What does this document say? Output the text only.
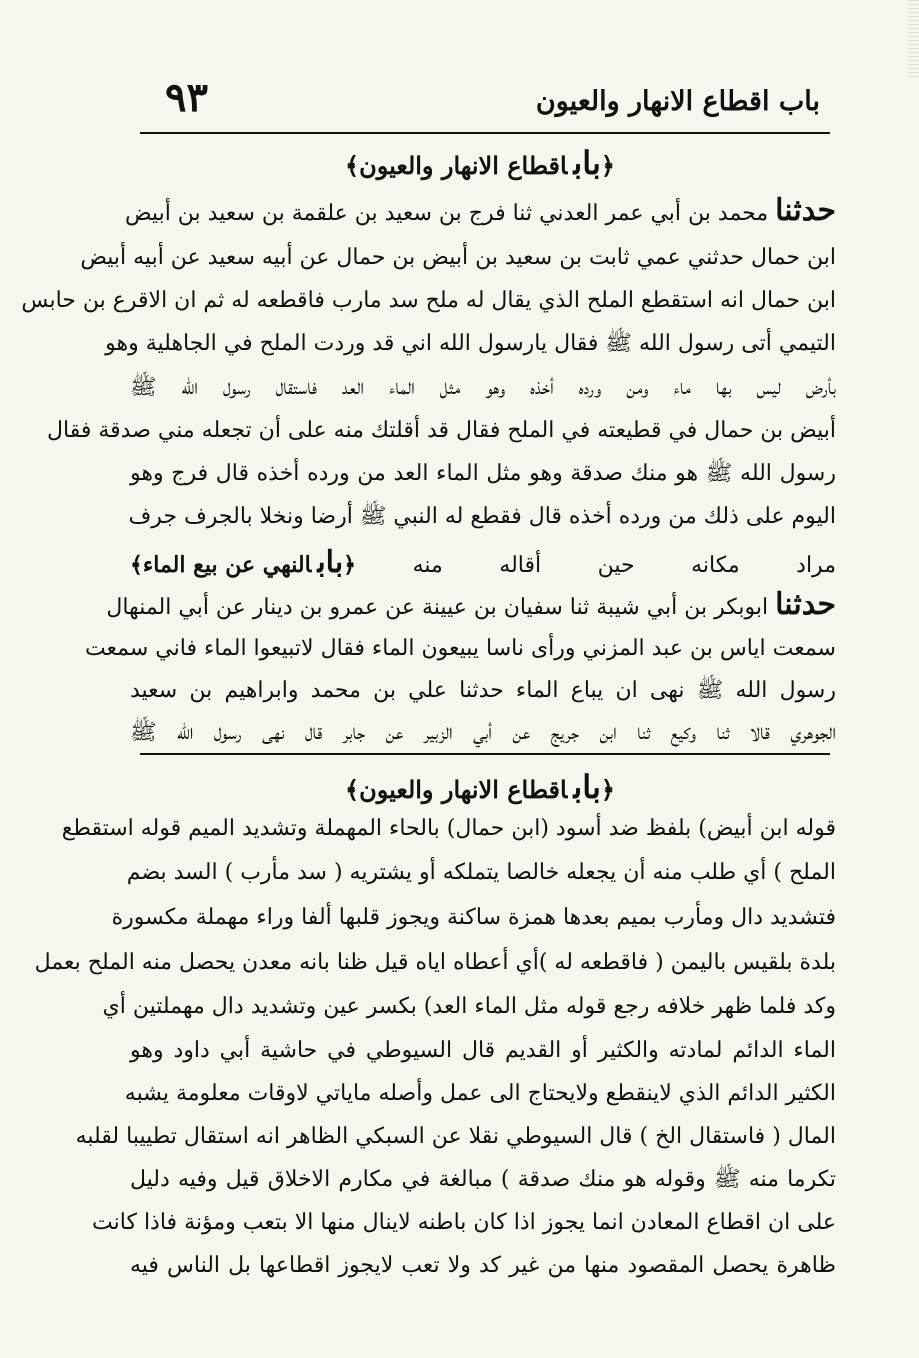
٩٣	باب اقطاع الانهار والعيون
﴿باباقطاع الانهار والعيون﴾
حدثنا محمد بن أبي عمر العدني ثنا فرج بن سعيد بن علقمة بن سعيد بن أبيض
ابن حمال حدثني عمي ثابت بن سعيد بن أبيض بن حمال عن أبيه سعيد عن أبيه أبيض
ابن حمال انه استقطع الملح الذي يقال له ملح سد مارب فاقطعه له ثم ان الاقرع بن حابس
التيمي أتى رسول الله ﷺ فقال يارسول الله اني قد وردت الملح في الجاهلية وهو
بأرض ليس بها ماء ومن ورده أخذه وهو مثل الماء العد فاستقال رسول الله ﷺ
أبيض بن حمال في قطيعته في الملح فقال قد أقلتك منه على أن تجعله مني صدقة فقال
رسول الله ﷺ هو منك صدقة وهو مثل الماء العد من ورده أخذه قال فرج وهو
اليوم على ذلك من ورده أخذه قال فقطع له النبي ﷺ أرضا ونخلا بالجرف جرف
مراد مكانه حين أقاله منه ﴿بابالنهي عن بيع الماء﴾
حدثنا ابوبكر بن أبي شيبة ثنا سفيان بن عيينة عن عمرو بن دينار عن أبي المنهال
سمعت اياس بن عبد المزني ورأى ناسا يبيعون الماء فقال لاتبيعوا الماء فاني سمعت
رسول الله ﷺ نهى ان يباع الماء حدثنا علي بن محمد وابراهيم بن سعيد
الجوهري قالا ثنا وكيع ثنا ابن جريج عن أبي الزبير عن جابر قال نهى رسول الله ﷺ
﴿باباقطاع الانهار والعيون﴾
قوله ابن أبيض) بلفظ ضد أسود (ابن حمال) بالحاء المهملة وتشديد الميم قوله استقطع
الملح ) أي طلب منه أن يجعله خالصا يتملكه أو يشتريه ( سد مأرب ) السد بضم
فتشديد دال ومأرب بميم بعدها همزة ساكنة ويجوز قلبها ألفا وراء مهملة مكسورة
بلدة بلقيس باليمن ( فاقطعه له )أي أعطاه اياه قيل ظنا بانه معدن يحصل منه الملح بعمل
وكد فلما ظهر خلافه رجع قوله مثل الماء العد) بكسر عين وتشديد دال مهملتين أي
الماء الدائم لمادته والكثير أو القديم قال السيوطي في حاشية أبي داود وهو
الكثير الدائم الذي لاينقطع ولايحتاج الى عمل وأصله ماياتي لاوقات معلومة يشبه
المال ( فاستقال الخ ) قال السيوطي نقلا عن السبكي الظاهر انه استقال تطييبا لقلبه
تكرما منه ﷺ وقوله هو منك صدقة ) مبالغة في مكارم الاخلاق قيل وفيه دليل
على ان اقطاع المعادن انما يجوز اذا كان باطنه لاينال منها الا بتعب ومؤنة فاذا كانت
ظاهرة يحصل المقصود منها من غير كد ولا تعب لايجوز اقطاعها بل الناس فيه
